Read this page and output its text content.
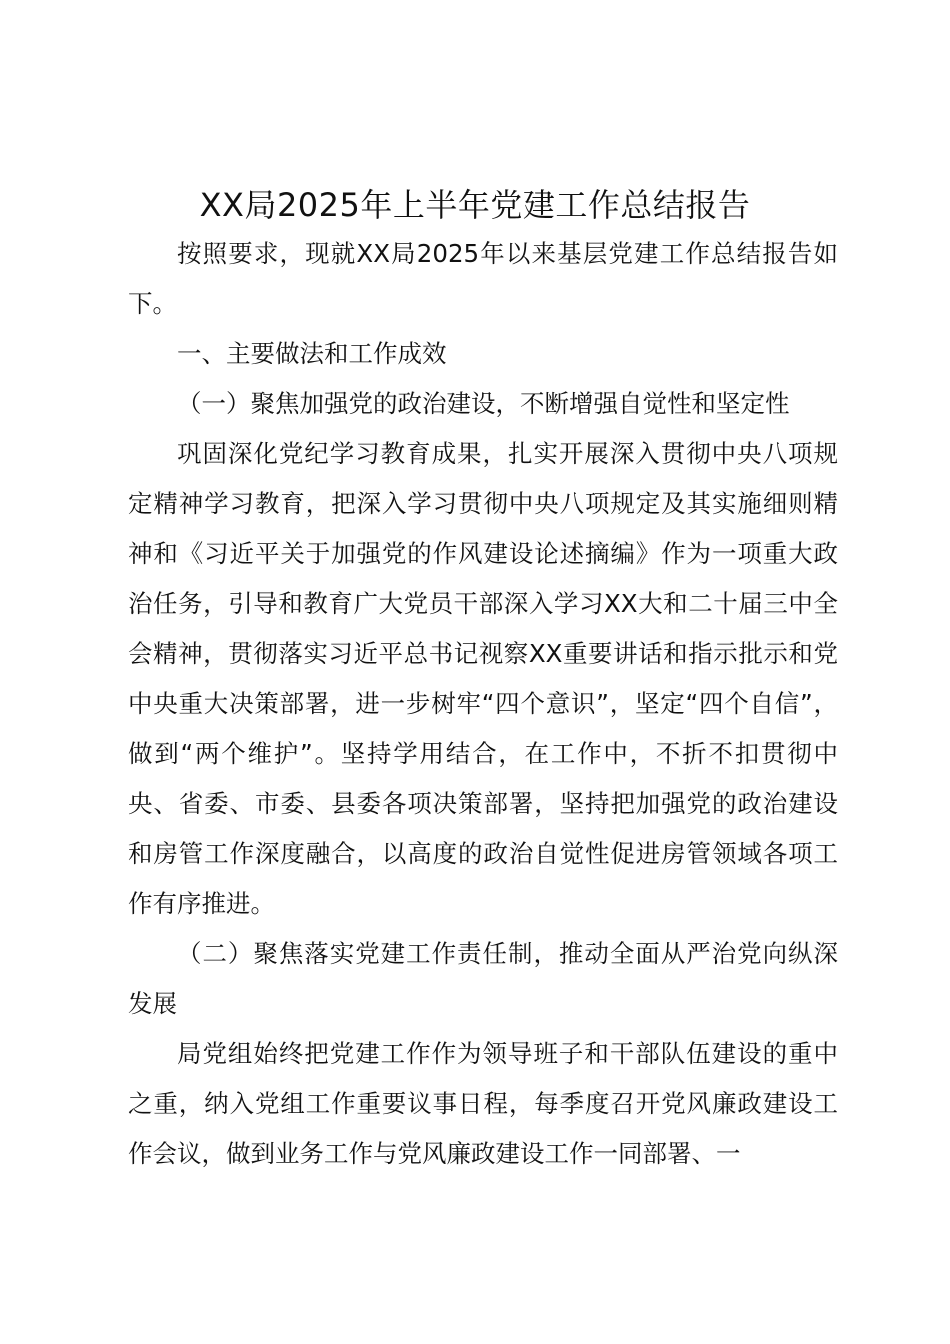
XX局2025年上半年党建工作总结报告

按照要求，现就XX局2025年以来基层党建工作总结报告如下。

一、主要做法和工作成效

（一）聚焦加强党的政治建设，不断增强自觉性和坚定性

巩固深化党纪学习教育成果，扎实开展深入贯彻中央八项规定精神学习教育，把深入学习贯彻中央八项规定及其实施细则精神和《习近平关于加强党的作风建设论述摘编》作为一项重大政治任务，引导和教育广大党员干部深入学习XX大和二十届三中全会精神，贯彻落实习近平总书记视察XX重要讲话和指示批示和党中央重大决策部署，进一步树牢“四个意识”，坚定“四个自信”，做到“两个维护”。坚持学用结合，在工作中，不折不扣贯彻中央、省委、市委、县委各项决策部署，坚持把加强党的政治建设和房管工作深度融合，以高度的政治自觉性促进房管领域各项工作有序推进。

（二）聚焦落实党建工作责任制，推动全面从严治党向纵深发展

局党组始终把党建工作作为领导班子和干部队伍建设的重中之重，纳入党组工作重要议事日程，每季度召开党风廉政建设工作会议，做到业务工作与党风廉政建设工作一同部署、一
